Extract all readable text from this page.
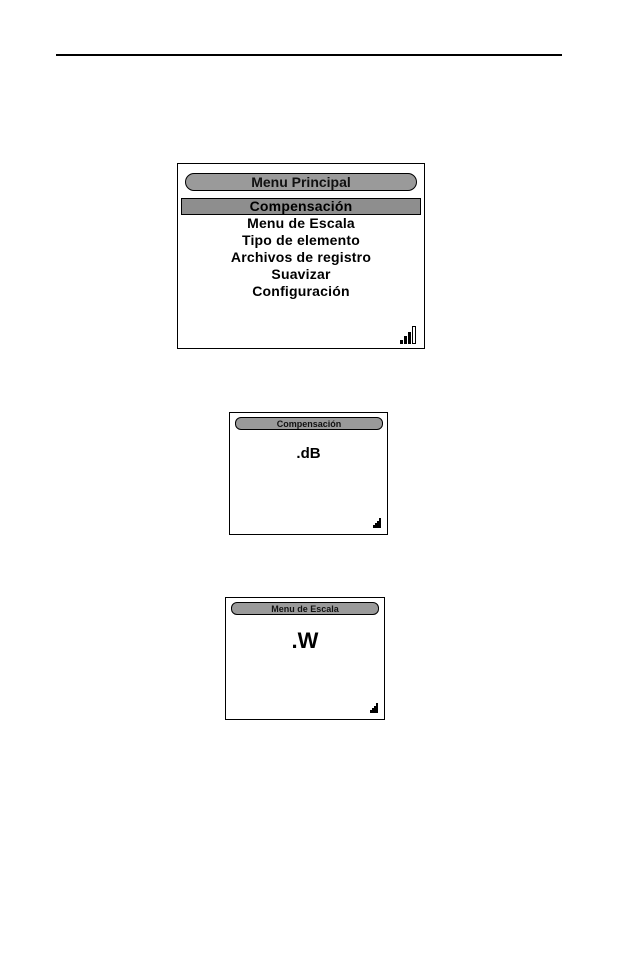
Menu Principal
Compensación
Menu de Escala
Tipo de elemento
Archivos de registro
Suavizar
Configuración
Compensación
.dB
Menu de Escala
.W
